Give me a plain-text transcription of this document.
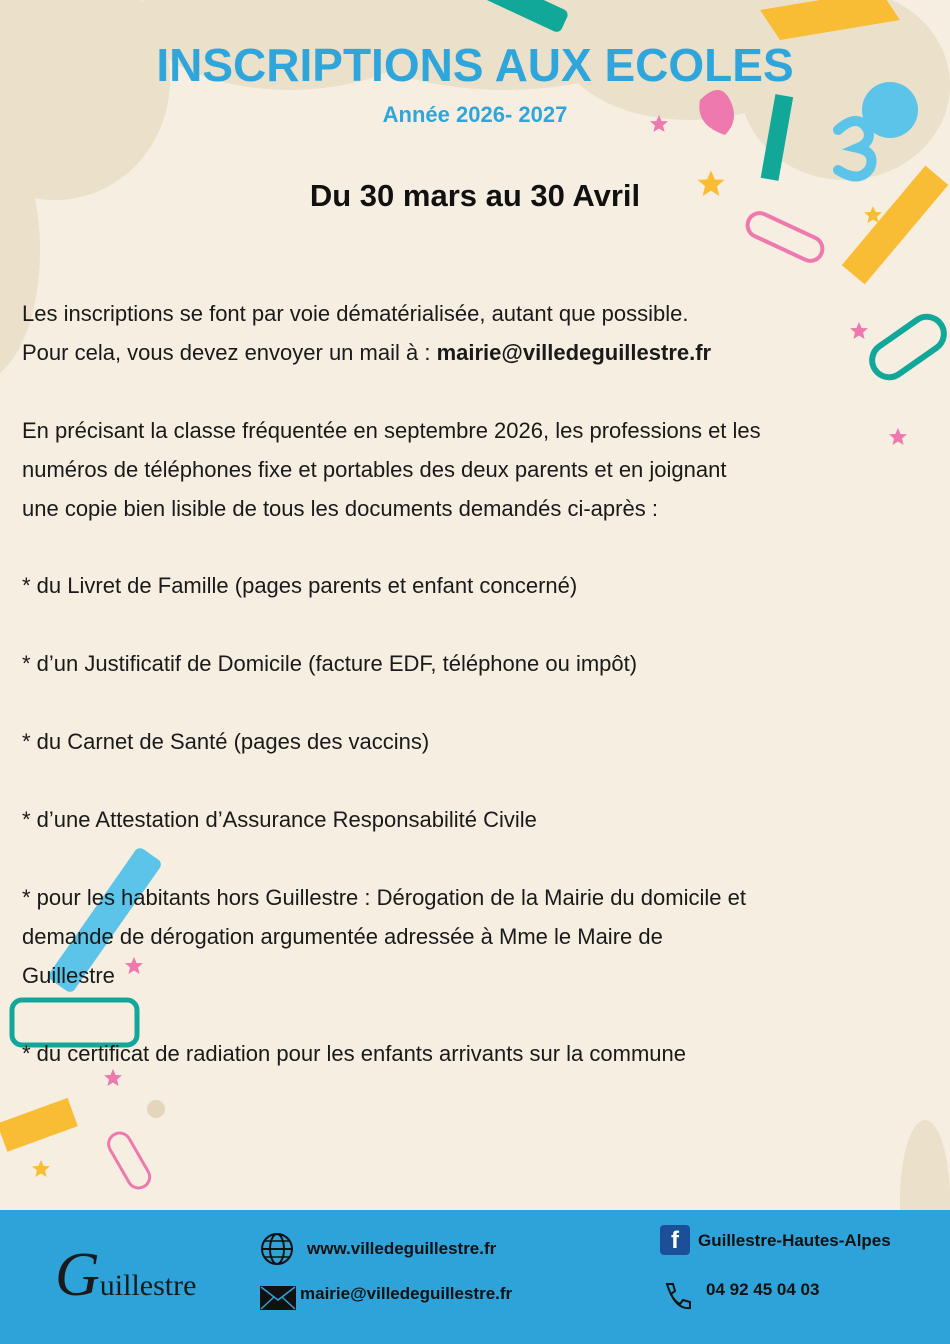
INSCRIPTIONS AUX ECOLES
Année 2026- 2027
Du 30 mars au 30 Avril
Les inscriptions se font par voie dématérialisée, autant que possible.
Pour cela, vous devez envoyer un mail à : mairie@villedeguillestre.fr
En précisant la classe fréquentée en septembre 2026, les professions et les
numéros de téléphones fixe et portables des deux parents et en joignant
une copie bien lisible de tous les documents demandés ci-après :
* du Livret de Famille (pages parents et enfant concerné)
* d’un Justificatif de Domicile (facture EDF, téléphone ou impôt)
* du Carnet de Santé (pages des vaccins)
* d’une Attestation d’Assurance Responsabilité Civile
* pour les habitants hors Guillestre : Dérogation de la Mairie du domicile et
demande de dérogation argumentée adressée à Mme le Maire de
Guillestre
* du certificat de radiation pour les enfants arrivants sur la commune
Guillestre
www.villedeguillestre.fr
mairie@villedeguillestre.fr
f	Guillestre-Hautes-Alpes
04 92 45 04 03
